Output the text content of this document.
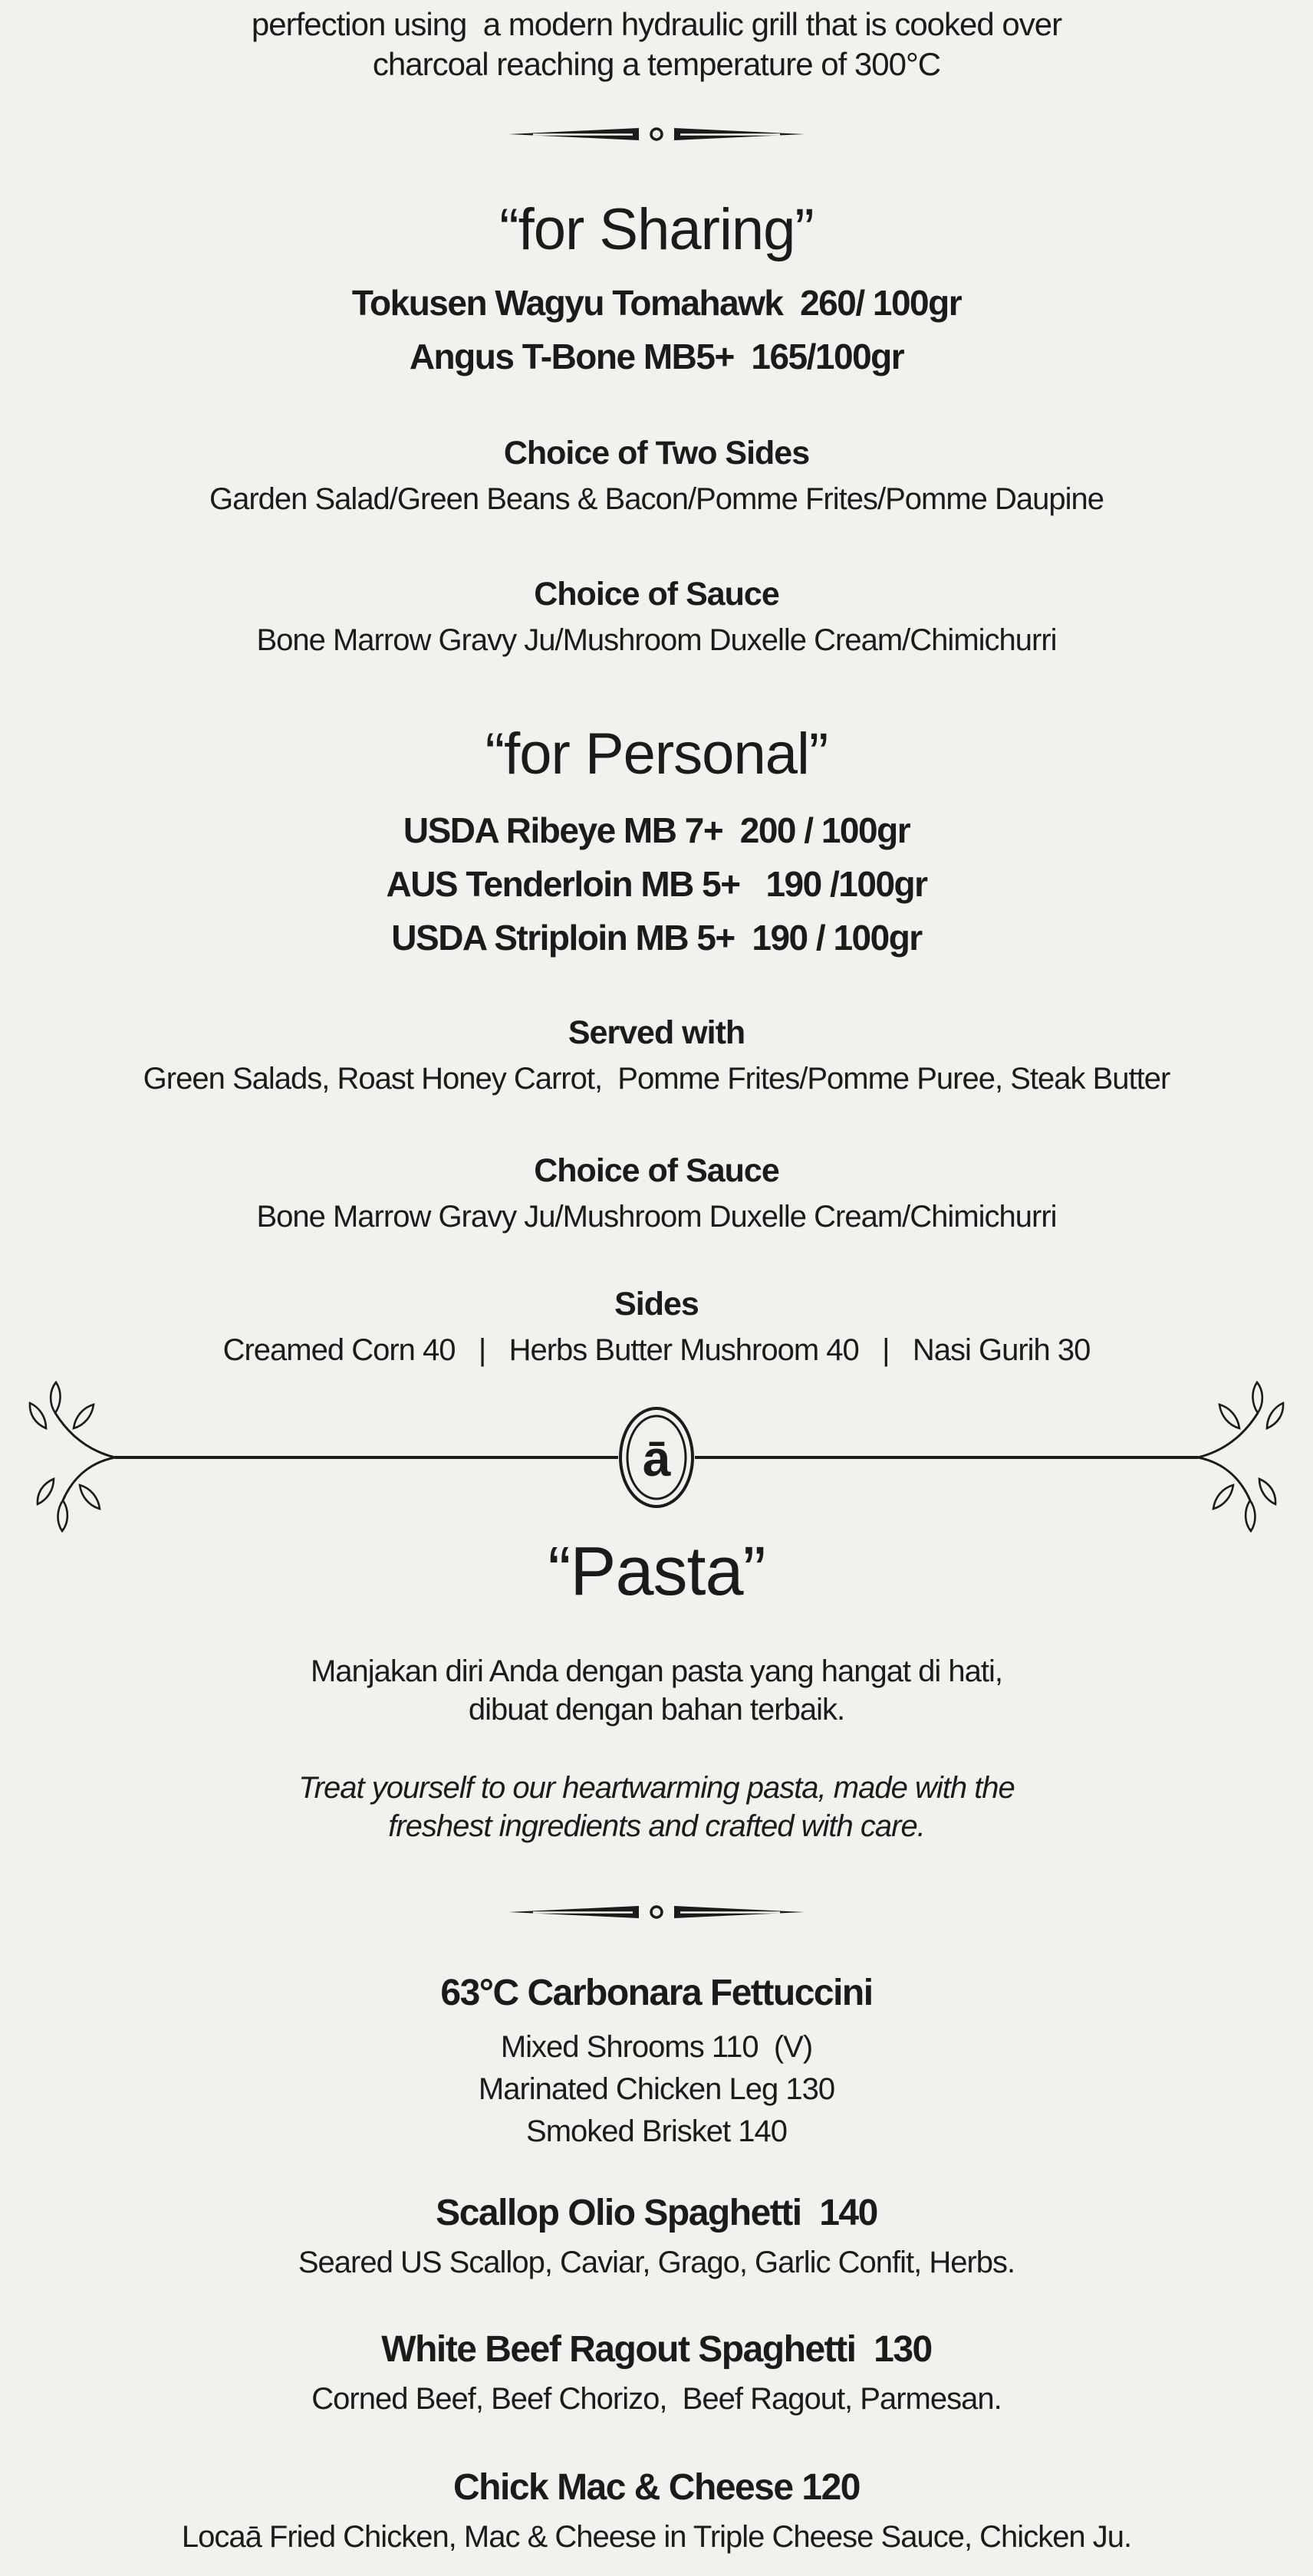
perfection using  a modern hydraulic grill that is cooked over

charcoal reaching a temperature of 300°C

“for Sharing”

Tokusen Wagyu Tomahawk  260/ 100gr

Angus T-Bone MB5+  165/100gr

Choice of Two Sides

Garden Salad/Green Beans & Bacon/Pomme Frites/Pomme Daupine

Choice of Sauce

Bone Marrow Gravy Ju/Mushroom Duxelle Cream/Chimichurri

“for Personal”

USDA Ribeye MB 7+  200 / 100gr

AUS Tenderloin MB 5+   190 /100gr

USDA Striploin MB 5+  190 / 100gr

Served with

Green Salads, Roast Honey Carrot,  Pomme Frites/Pomme Puree, Steak Butter

Choice of Sauce

Bone Marrow Gravy Ju/Mushroom Duxelle Cream/Chimichurri

Sides

Creamed Corn 40   |   Herbs Butter Mushroom 40   |   Nasi Gurih 30

ā
“Pasta”

Manjakan diri Anda dengan pasta yang hangat di hati,

dibuat dengan bahan terbaik.

Treat yourself to our heartwarming pasta, made with the

freshest ingredients and crafted with care.

63°C Carbonara Fettuccini

Mixed Shrooms 110  (V)

Marinated Chicken Leg 130

Smoked Brisket 140

Scallop Olio Spaghetti  140

Seared US Scallop, Caviar, Grago, Garlic Confit, Herbs.

White Beef Ragout Spaghetti  130

Corned Beef, Beef Chorizo,  Beef Ragout, Parmesan.

Chick Mac & Cheese 120

Locaā Fried Chicken, Mac & Cheese in Triple Cheese Sauce, Chicken Ju.
